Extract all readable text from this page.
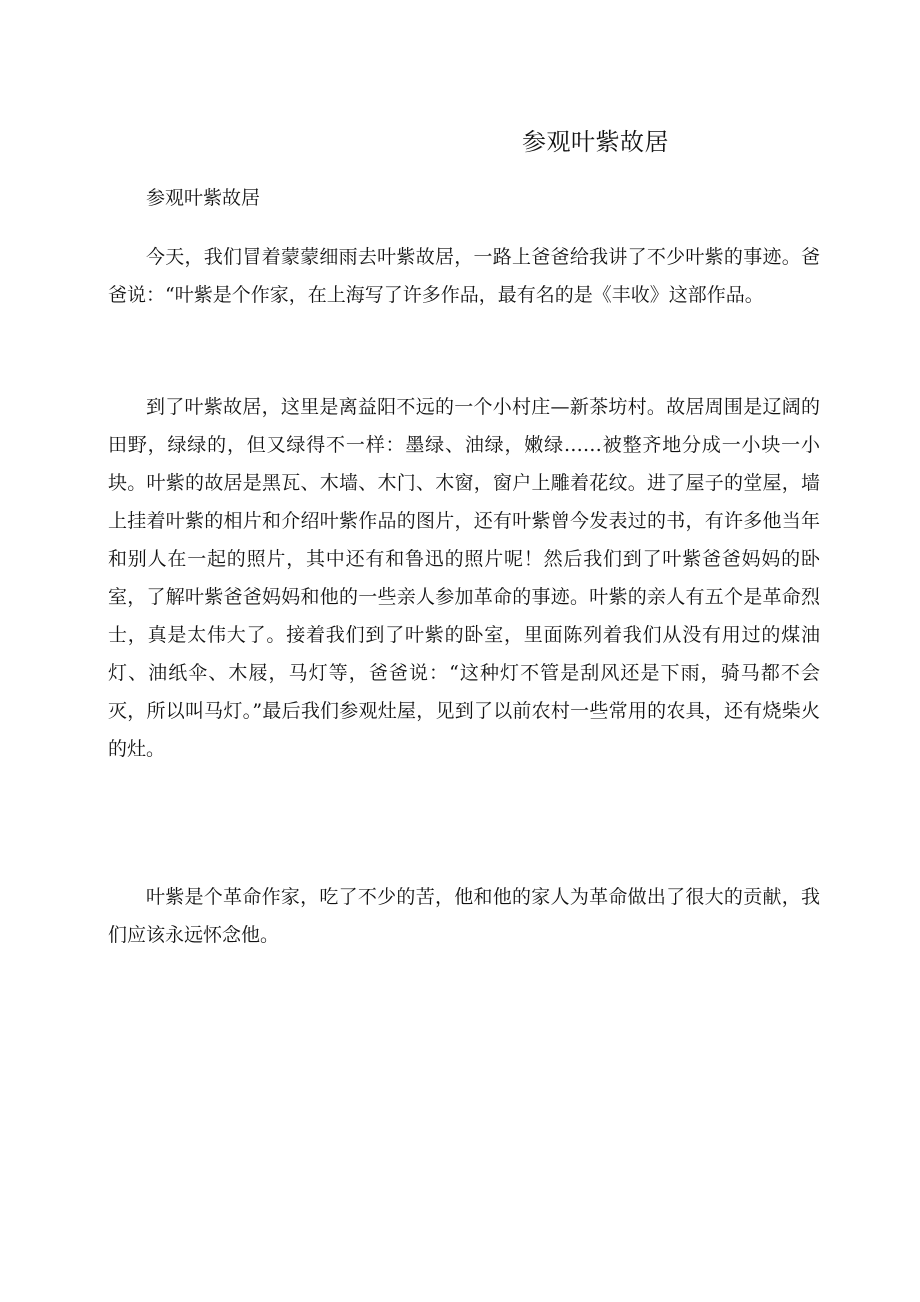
参观叶紫故居
参观叶紫故居

今天，我们冒着蒙蒙细雨去叶紫故居，一路上爸爸给我讲了不少叶紫的事迹。爸爸说：“叶紫是个作家，在上海写了许多作品，最有名的是《丰收》这部作品。

到了叶紫故居，这里是离益阳不远的一个小村庄—新茶坊村。故居周围是辽阔的田野，绿绿的，但又绿得不一样：墨绿、油绿，嫩绿……被整齐地分成一小块一小块。叶紫的故居是黑瓦、木墙、木门、木窗，窗户上雕着花纹。进了屋子的堂屋，墙上挂着叶紫的相片和介绍叶紫作品的图片，还有叶紫曾今发表过的书，有许多他当年和别人在一起的照片，其中还有和鲁迅的照片呢！然后我们到了叶紫爸爸妈妈的卧室，了解叶紫爸爸妈妈和他的一些亲人参加革命的事迹。叶紫的亲人有五个是革命烈士，真是太伟大了。接着我们到了叶紫的卧室，里面陈列着我们从没有用过的煤油灯、油纸伞、木屐，马灯等，爸爸说：“这种灯不管是刮风还是下雨，骑马都不会灭，所以叫马灯。”最后我们参观灶屋，见到了以前农村一些常用的农具，还有烧柴火的灶。

叶紫是个革命作家，吃了不少的苦，他和他的家人为革命做出了很大的贡献，我们应该永远怀念他。
